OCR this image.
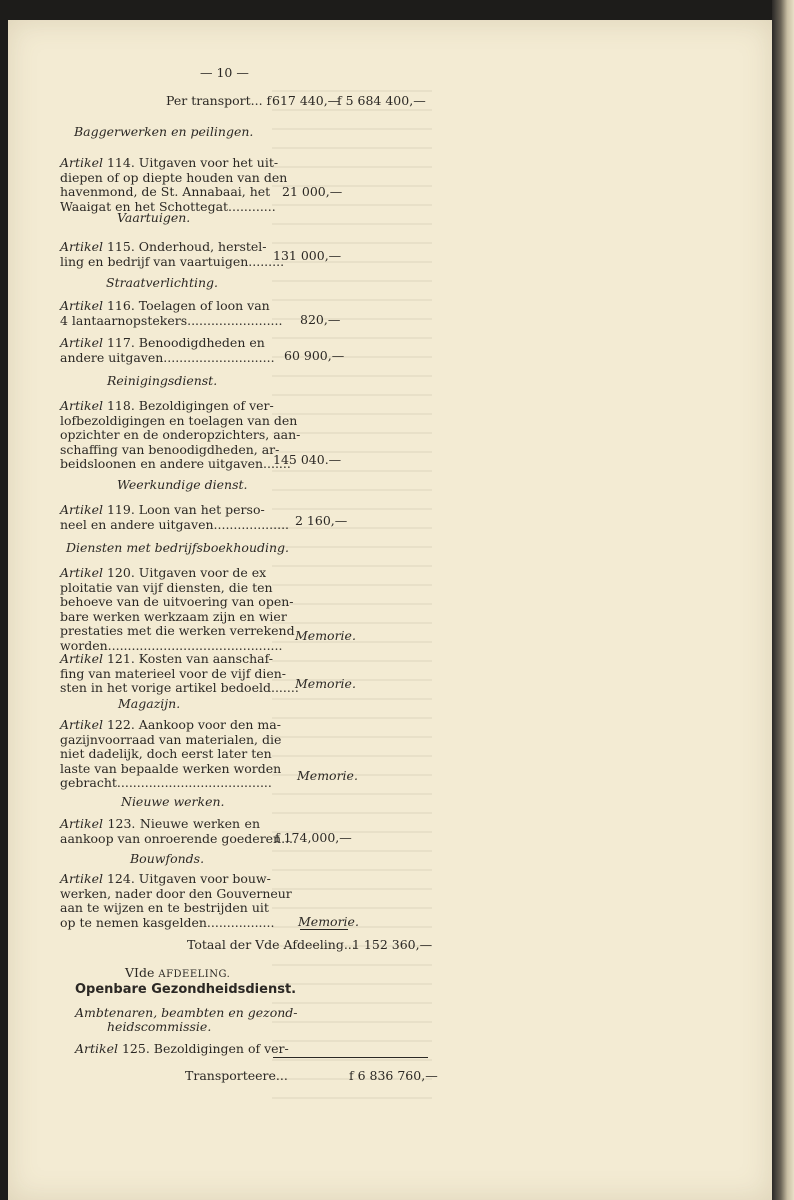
— 10 —
Per transport... f 617 440,—
f 5 684 400,—
Baggerwerken en peilingen.
Artikel 114. Uitgaven voor het uit-
diepen of op diepte houden van den
havenmond, de St. Annabaai, het
Waaigat en het Schottegat............
21 000,—
Vaartuigen.
Artikel 115. Onderhoud, herstel-
ling en bedrijf van vaartuigen.........
131 000,—
Straatverlichting.
Artikel 116. Toelagen of loon van
4 lantaarnopstekers........................ 820,—
Artikel 117. Benoodigdheden en
andere uitgaven............................ 60 900,—
Reinigingsdienst.
Artikel 118. Bezoldigingen of ver-
lofbezoldigingen en toelagen van den
opzichter en de onderopzichters, aan-
schaffing van benoodigdheden, ar-
beidsloonen en andere uitgaven.......
145 040.—
Weerkundige dienst.
Artikel 119. Loon van het perso-
neel en andere uitgaven................... 2 160,—
Diensten met bedrijfsboekhouding.
Artikel 120. Uitgaven voor de ex
ploitatie van vijf diensten, die ten
behoeve van de uitvoering van open-
bare werken werkzaam zijn en wier
prestaties met die werken verrekend
worden............................................
Memorie.
Artikel 121. Kosten van aanschaf-
fing van materieel voor de vijf dien-
sten in het vorige artikel bedoeld.......
Memorie.
Magazijn.
Artikel 122. Aankoop voor den ma-
gazijnvoorraad van materialen, die
niet dadelijk, doch eerst later ten
laste van bepaalde werken worden
gebracht....................................... Memorie.
Nieuwe werken.
Artikel 123. Nieuwe werken en
aankoop van onroerende goederen....
f 174,000,—
Bouwfonds.
Artikel 124. Uitgaven voor bouw-
werken, nader door den Gouverneur
aan te wijzen en te bestrijden uit
op te nemen kasgelden................. Memorie.
Totaal der Vde Afdeeling...
1 152 360,—
VIde AFDEELING.
Openbare Gezondheidsdienst.
Ambtenaren, beambten en gezond-
heidscommissie.
Artikel 125. Bezoldigingen of ver-
Transporteere...	f 6 836 760,—
